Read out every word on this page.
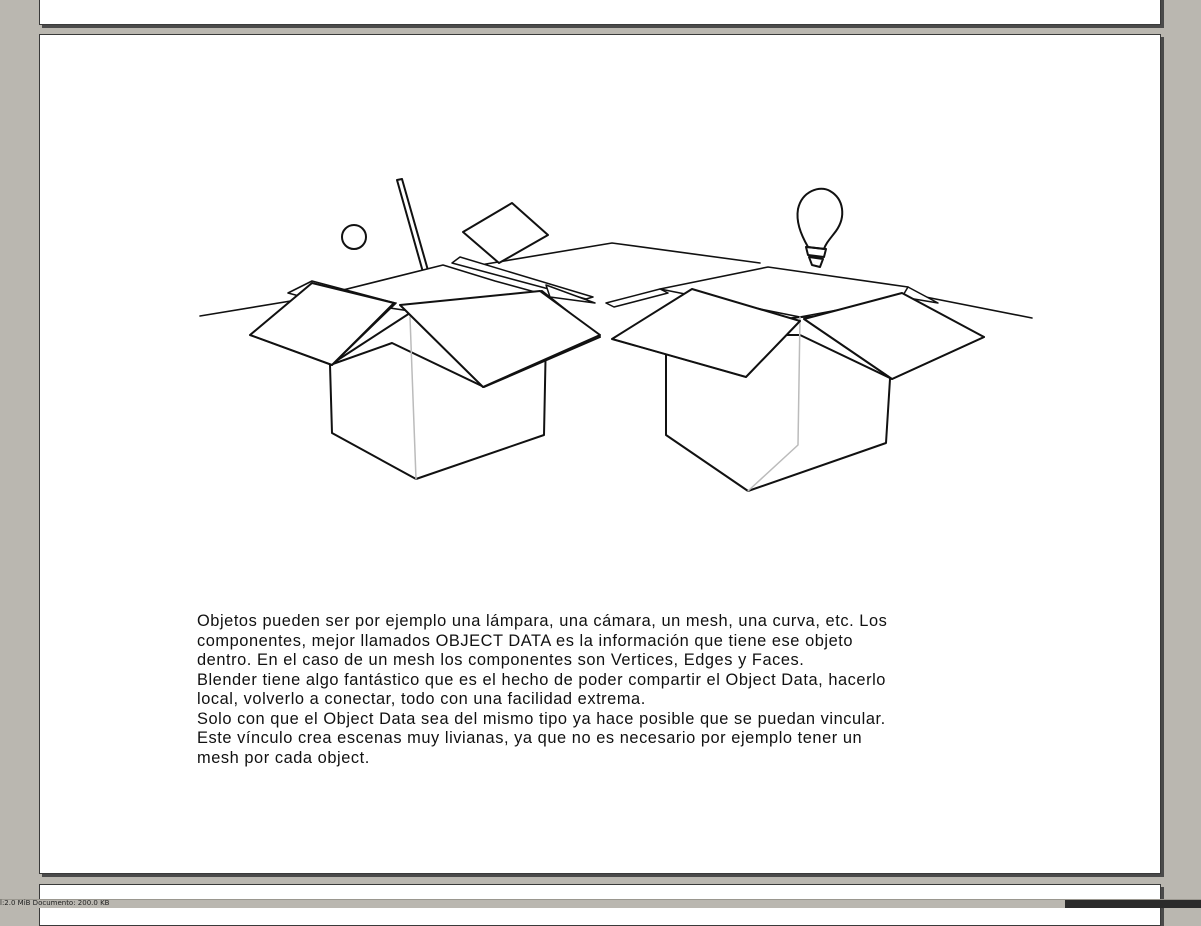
Objetos pueden ser por ejemplo una lámpara, una cámara, un mesh, una curva, etc. Los
componentes, mejor llamados OBJECT DATA es la información que tiene ese objeto
dentro. En el caso de un mesh los componentes son Vertices, Edges y Faces.
Blender tiene algo fantástico que es el hecho de poder compartir el Object Data, hacerlo
local, volverlo a conectar, todo con una facilidad extrema.
Solo con que el Object Data sea del mismo tipo ya hace posible que se puedan vincular.
Este vínculo crea escenas muy livianas, ya que no es necesario por ejemplo tener un
mesh por cada object.

l:2.0 MiB Documento: 200.0 KB
